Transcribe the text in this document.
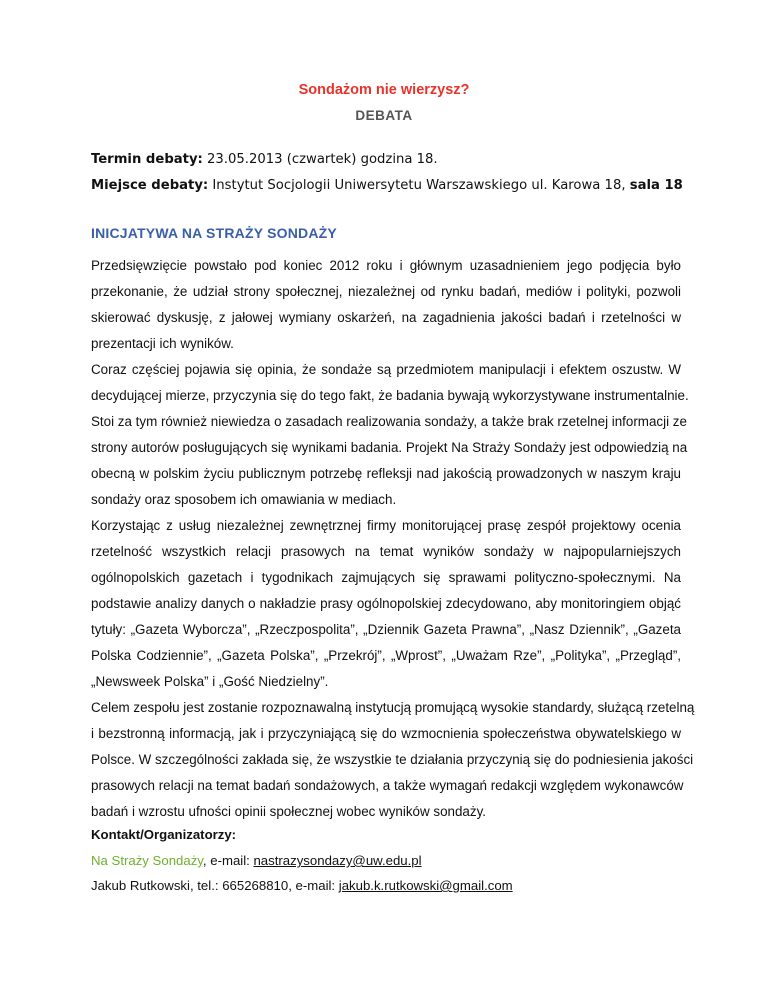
Sondażom nie wierzysz?
DEBATA
Termin debaty: 23.05.2013 (czwartek) godzina 18.
Miejsce debaty: Instytut Socjologii Uniwersytetu Warszawskiego ul. Karowa 18, sala 18
INICJATYWA NA STRAŻY SONDAŻY
Przedsięwzięcie powstało pod koniec 2012 roku i głównym uzasadnieniem jego podjęcia było
przekonanie, że udział strony społecznej, niezależnej od rynku badań, mediów i polityki, pozwoli
skierować dyskusję, z jałowej wymiany oskarżeń, na zagadnienia jakości badań i rzetelności w
prezentacji ich wyników.
Coraz częściej pojawia się opinia, że sondaże są przedmiotem manipulacji i efektem oszustw. W
decydującej mierze, przyczynia się do tego fakt, że badania bywają wykorzystywane instrumentalnie.
Stoi za tym również niewiedza o zasadach realizowania sondaży, a także brak rzetelnej informacji ze
strony autorów posługujących się wynikami badania. Projekt Na Straży Sondaży jest odpowiedzią na
obecną w polskim życiu publicznym potrzebę refleksji nad jakością prowadzonych w naszym kraju
sondaży oraz sposobem ich omawiania w mediach.
Korzystając z usług niezależnej zewnętrznej firmy monitorującej prasę zespół projektowy ocenia
rzetelność wszystkich relacji prasowych na temat wyników sondaży w najpopularniejszych
ogólnopolskich gazetach i tygodnikach zajmujących się sprawami polityczno-społecznymi. Na
podstawie analizy danych o nakładzie prasy ogólnopolskiej zdecydowano, aby monitoringiem objąć
tytuły: „Gazeta Wyborcza”, „Rzeczpospolita”, „Dziennik Gazeta Prawna”, „Nasz Dziennik”, „Gazeta
Polska Codziennie”, „Gazeta Polska”, „Przekrój”, „Wprost”, „Uważam Rze”, „Polityka”, „Przegląd”,
„Newsweek Polska” i „Gość Niedzielny”.
Celem zespołu jest zostanie rozpoznawalną instytucją promującą wysokie standardy, służącą rzetelną
i bezstronną informacją, jak i przyczyniającą się do wzmocnienia społeczeństwa obywatelskiego w
Polsce. W szczególności zakłada się, że wszystkie te działania przyczynią się do podniesienia jakości
prasowych relacji na temat badań sondażowych, a także wymagań redakcji względem wykonawców
badań i wzrostu ufności opinii społecznej wobec wyników sondaży.
Kontakt/Organizatorzy:
Na Straży Sondaży, e-mail: nastrazysondazy@uw.edu.pl
Jakub Rutkowski, tel.: 665268810, e-mail: jakub.k.rutkowski@gmail.com
